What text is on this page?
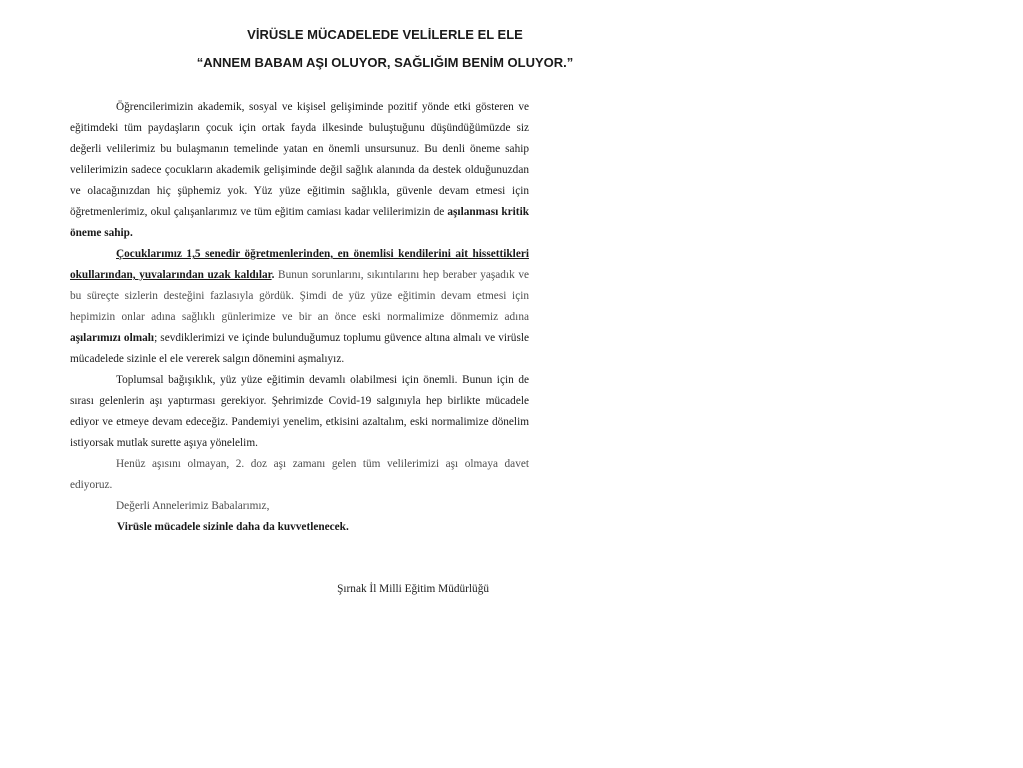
VİRÜSLE MÜCADELEDE VELİLERLE EL ELE
“ANNEM BABAM AŞI OLUYOR, SAĞLIĞIM BENİM OLUYOR.”

Öğrencilerimizin akademik, sosyal ve kişisel gelişiminde pozitif yönde etki gösteren ve eğitimdeki tüm paydaşların çocuk için ortak fayda ilkesinde buluştuğunu düşündüğümüzde siz değerli velilerimiz bu bulaşmanın temelinde yatan en önemli unsursunuz. Bu denli öneme sahip velilerimizin sadece çocukların akademik gelişiminde değil sağlık alanında da destek olduğunuzdan ve olacağınızdan hiç şüphemiz yok. Yüz yüze eğitimin sağlıkla, güvenle devam etmesi için öğretmenlerimiz, okul çalışanlarımız ve tüm eğitim camiası kadar velilerimizin de aşılanması kritik öneme sahip.

Çocuklarımız 1,5 senedir öğretmenlerinden, en önemlisi kendilerini ait hissettikleri okullarından, yuvalarından uzak kaldılar. Bunun sorunlarını, sıkıntılarını hep beraber yaşadık ve bu süreçte sizlerin desteğini fazlasıyla gördük. Şimdi de yüz yüze eğitimin devam etmesi için hepimizin onlar adına sağlıklı günlerimize ve bir an önce eski normalimize dönmemiz adına aşılarımızı olmalı; sevdiklerimizi ve içinde bulunduğumuz toplumu güvence altına almalı ve virüsle mücadelede sizinle el ele vererek salgın dönemini aşmalıyız.

Toplumsal bağışıklık, yüz yüze eğitimin devamlı olabilmesi için önemli. Bunun için de sırası gelenlerin aşı yaptırması gerekiyor. Şehrimizde Covid-19 salgınıyla hep birlikte mücadele ediyor ve etmeye devam edeceğiz. Pandemiyi yenelim, etkisini azaltalım, eski normalimize dönelim istiyorsak mutlak surette aşıya yönelelim.

Henüz aşısını olmayan, 2. doz aşı zamanı gelen tüm velilerimizi aşı olmaya davet ediyoruz.

Değerli Annelerimiz Babalarımız,

Virüsle mücadele sizinle daha da kuvvetlenecek.

Şırnak İl Milli Eğitim Müdürlüğü
